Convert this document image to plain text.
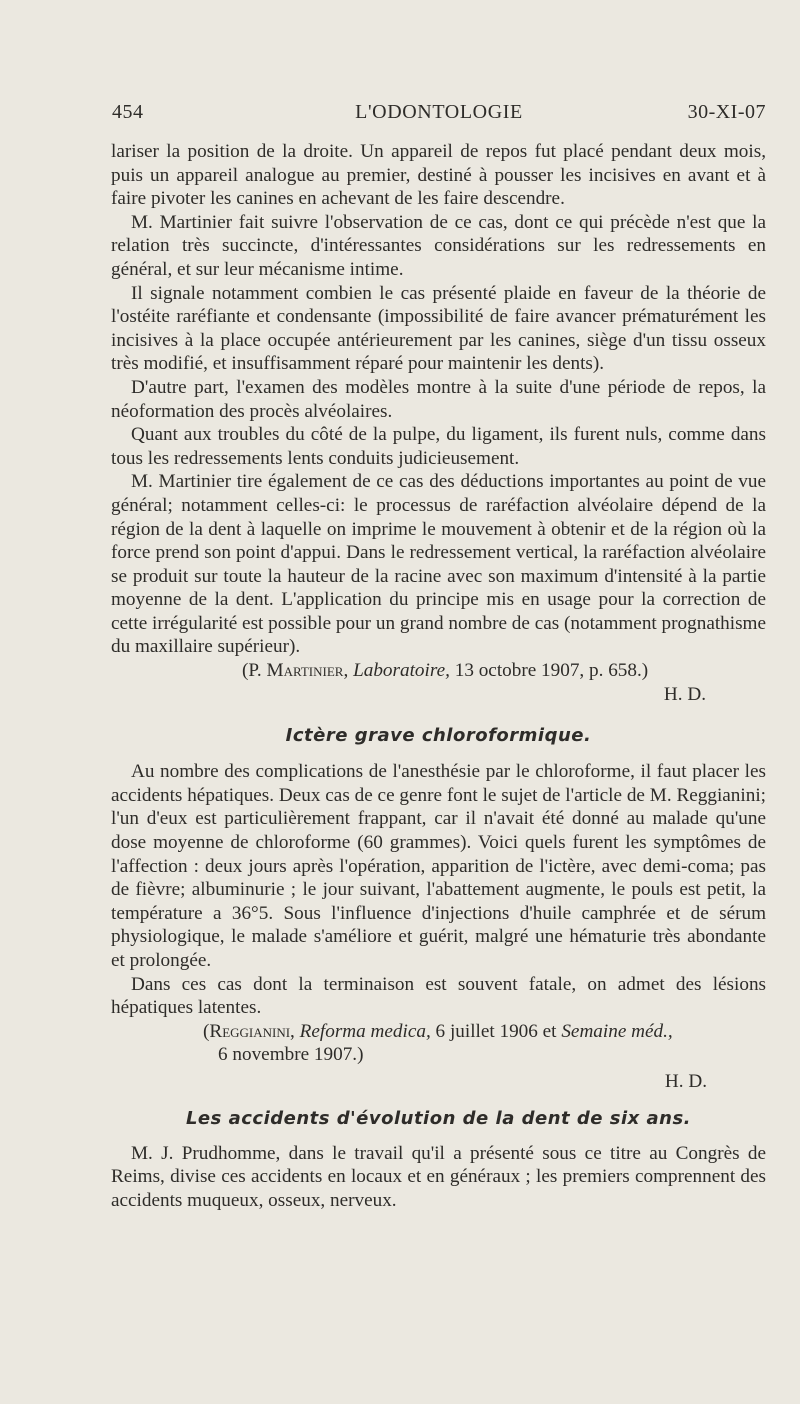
454	L'ODONTOLOGIE	30-XI-07

lariser la position de la droite. Un appareil de repos fut placé pendant deux mois, puis un appareil analogue au premier, destiné à pousser les incisives en avant et à faire pivoter les canines en achevant de les faire descendre.

M. Martinier fait suivre l'observation de ce cas, dont ce qui précède n'est que la relation très succincte, d'intéressantes considérations sur les redressements en général, et sur leur mécanisme intime.

Il signale notamment combien le cas présenté plaide en faveur de la théorie de l'ostéite raréfiante et condensante (impossibilité de faire avancer prématurément les incisives à la place occupée antérieurement par les canines, siège d'un tissu osseux très modifié, et insuffisamment réparé pour maintenir les dents).

D'autre part, l'examen des modèles montre à la suite d'une période de repos, la néoformation des procès alvéolaires.

Quant aux troubles du côté de la pulpe, du ligament, ils furent nuls, comme dans tous les redressements lents conduits judicieusement.

M. Martinier tire également de ce cas des déductions importantes au point de vue général; notamment celles-ci: le processus de raréfaction alvéolaire dépend de la région de la dent à laquelle on imprime le mouvement à obtenir et de la région où la force prend son point d'appui. Dans le redressement vertical, la raréfaction alvéolaire se produit sur toute la hauteur de la racine avec son maximum d'intensité à la partie moyenne de la dent. L'application du principe mis en usage pour la correction de cette irrégularité est possible pour un grand nombre de cas (notamment prognathisme du maxillaire supérieur).

(P. Martinier, Laboratoire, 13 octobre 1907, p. 658.)

H. D.

Ictère grave chloroformique.

Au nombre des complications de l'anesthésie par le chloroforme, il faut placer les accidents hépatiques. Deux cas de ce genre font le sujet de l'article de M. Reggianini; l'un d'eux est particulièrement frappant, car il n'avait été donné au malade qu'une dose moyenne de chloroforme (60 grammes). Voici quels furent les symptômes de l'affection : deux jours après l'opération, apparition de l'ictère, avec demi-coma; pas de fièvre; albuminurie ; le jour suivant, l'abattement augmente, le pouls est petit, la température a 36°5. Sous l'influence d'injections d'huile camphrée et de sérum physiologique, le malade s'améliore et guérit, malgré une hématurie très abondante et prolongée.

Dans ces cas dont la terminaison est souvent fatale, on admet des lésions hépatiques latentes.

(Reggianini, Reforma medica, 6 juillet 1906 et Semaine méd.,

6 novembre 1907.)

H. D.

Les accidents d'évolution de la dent de six ans.

M. J. Prudhomme, dans le travail qu'il a présenté sous ce titre au Congrès de Reims, divise ces accidents en locaux et en généraux ; les premiers comprennent des accidents muqueux, osseux, nerveux.
